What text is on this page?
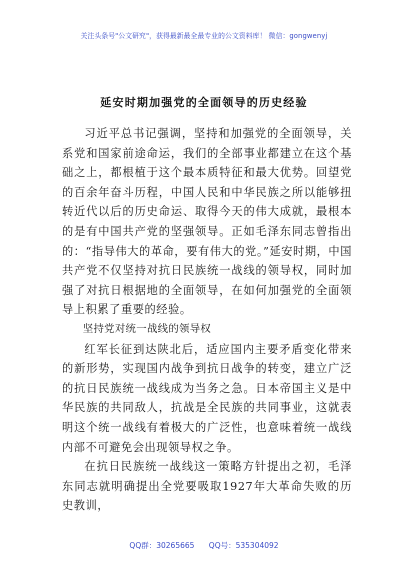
关注头条号"公文研究"，获得最新最全最专业的公文资料库！ 微信：gongwenyj
延安时期加强党的全面领导的历史经验

习近平总书记强调，坚持和加强党的全面领导，关系党和国家前途命运，我们的全部事业都建立在这个基础之上，都根植于这个最本质特征和最大优势。回望党的百余年奋斗历程，中国人民和中华民族之所以能够扭转近代以后的历史命运、取得今天的伟大成就，最根本的是有中国共产党的坚强领导。正如毛泽东同志曾指出的：“指导伟大的革命，要有伟大的党。”延安时期，中国共产党不仅坚持对抗日民族统一战线的领导权，同时加强了对抗日根据地的全面领导，在如何加强党的全面领导上积累了重要的经验。

坚持党对统一战线的领导权

红军长征到达陕北后，适应国内主要矛盾变化带来的新形势，实现国内战争到抗日战争的转变，建立广泛的抗日民族统一战线成为当务之急。日本帝国主义是中华民族的共同敌人，抗战是全民族的共同事业，这就表明这个统一战线有着极大的广泛性，也意味着统一战线内部不可避免会出现领导权之争。

在抗日民族统一战线这一策略方针提出之初，毛泽东同志就明确提出全党要吸取1927年大革命失败的历史教训，

QQ群：30265665 QQ号：535304092
